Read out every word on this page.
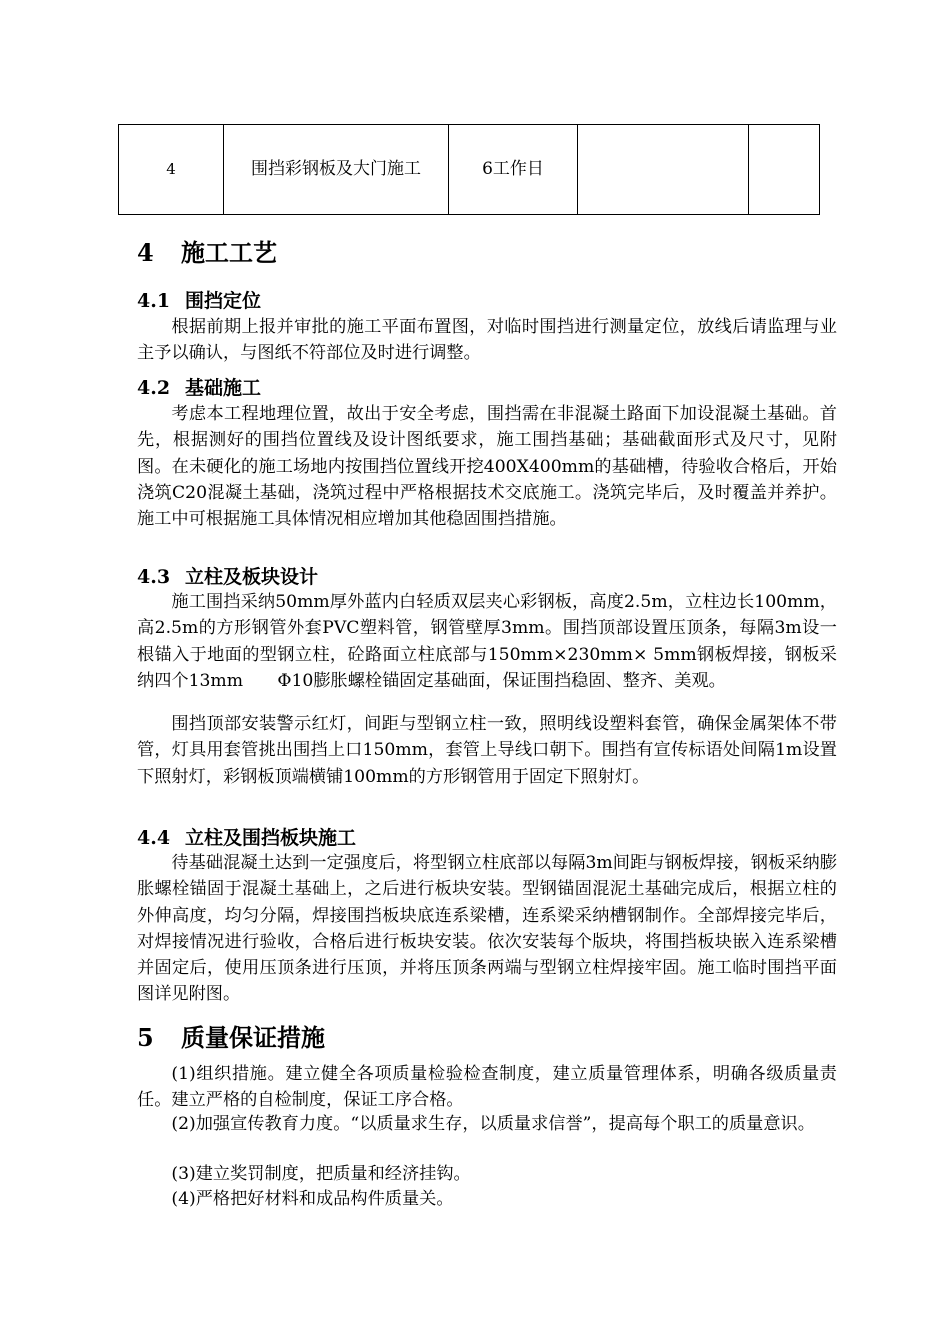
4	围挡彩钢板及大门施工	6工作日		
4 施工工艺
4.1 围挡定位

根据前期上报并审批的施工平面布置图，对临时围挡进行测量定位，放线后请监理与业主予以确认，与图纸不符部位及时进行调整。

4.2 基础施工

考虑本工程地理位置，故出于安全考虑，围挡需在非混凝土路面下加设混凝土基础。首先，根据测好的围挡位置线及设计图纸要求，施工围挡基础；基础截面形式及尺寸，见附图。在未硬化的施工场地内按围挡位置线开挖400X400mm的基础槽，待验收合格后，开始浇筑C20混凝土基础，浇筑过程中严格根据技术交底施工。浇筑完毕后，及时覆盖并养护。施工中可根据施工具体情况相应增加其他稳固围挡措施。

4.3 立柱及板块设计

施工围挡采纳50mm厚外蓝内白轻质双层夹心彩钢板，高度2.5m，立柱边长100mm，高2.5m的方形钢管外套PVC塑料管，钢管壁厚3mm。围挡顶部设置压顶条，每隔3m设一根锚入于地面的型钢立柱，砼路面立柱底部与150mm×230mm× 5mm钢板焊接，钢板采纳四个13mm　　Φ10膨胀螺栓锚固定基础面，保证围挡稳固、整齐、美观。

围挡顶部安装警示红灯，间距与型钢立柱一致，照明线设塑料套管，确保金属架体不带管，灯具用套管挑出围挡上口150mm，套管上导线口朝下。围挡有宣传标语处间隔1m设置下照射灯，彩钢板顶端横铺100mm的方形钢管用于固定下照射灯。

4.4 立柱及围挡板块施工

待基础混凝土达到一定强度后，将型钢立柱底部以每隔3m间距与钢板焊接，钢板采纳膨胀螺栓锚固于混凝土基础上，之后进行板块安装。型钢锚固混泥土基础完成后，根据立柱的外伸高度，均匀分隔，焊接围挡板块底连系梁槽，连系梁采纳槽钢制作。全部焊接完毕后，对焊接情况进行验收，合格后进行板块安装。依次安装每个版块，将围挡板块嵌入连系梁槽并固定后，使用压顶条进行压顶，并将压顶条两端与型钢立柱焊接牢固。施工临时围挡平面图详见附图。

5 质量保证措施

(1)组织措施。建立健全各项质量检验检查制度，建立质量管理体系，明确各级质量责任。建立严格的自检制度，保证工序合格。

(2)加强宣传教育力度。“以质量求生存，以质量求信誉”，提高每个职工的质量意识。

(3)建立奖罚制度，把质量和经济挂钩。

(4)严格把好材料和成品构件质量关。
